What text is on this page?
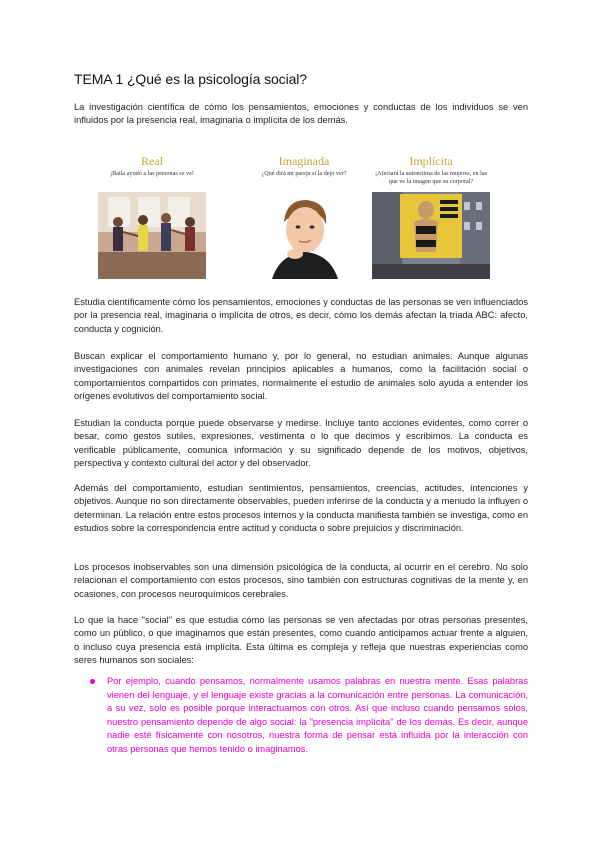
TEMA 1 ¿Qué es la psicología social?

La investigación científica de cómo los pensamientos, emociones y conductas de los individuos se ven influidos por la presencia real, imaginaria o implícita de los demás.

Real
¡Baila ayudó a las personas se ve!
Imaginada
¿Qué dirá mi pareja si la dejo ver?
Implícita
¡Afectará la autoestima de las mujeres, en las que ve la imagen que su corporal?

Estudia científicamente cómo los pensamientos, emociones y conductas de las personas se ven influenciados por la presencia real, imaginaria o implícita de otros, es decir, cómo los demás afectan la triada ABC: afecto, conducta y cognición.

Buscan explicar el comportamiento humano y, por lo general, no estudian animales. Aunque algunas investigaciones con animales revelan principios aplicables a humanos, como la facilitación social o comportamientos compartidos con primates, normalmente el estudio de animales solo ayuda a entender los orígenes evolutivos del comportamiento social.

Estudian la conducta porque puede observarse y medirse. Incluye tanto acciones evidentes, como correr o besar, como gestos sutiles, expresiones, vestimenta o lo que decimos y escribimos. La conducta es verificable públicamente, comunica información y su significado depende de los motivos, objetivos, perspectiva y contexto cultural del actor y del observador.

Además del comportamiento, estudian sentimientos, pensamientos, creencias, actitudes, intenciones y objetivos. Aunque no son directamente observables, pueden inferirse de la conducta y a menudo la influyen o determinan. La relación entre estos procesos internos y la conducta manifiesta también se investiga, como en estudios sobre la correspondencia entre actitud y conducta o sobre prejuicios y discriminación.

Los procesos inobservables son una dimensión psicológica de la conducta, al ocurrir en el cerebro. No solo relacionan el comportamiento con estos procesos, sino también con estructuras cognitivas de la mente y, en ocasiones, con procesos neuroquímicos cerebrales.

Lo que la hace "social" es que estudia cómo las personas se ven afectadas por otras personas presentes, como un público, o que imaginamos que están presentes, como cuando anticipamos actuar frente a alguien, o incluso cuya presencia está implícita. Esta última es compleja y refleja que nuestras experiencias como seres humanos son sociales:

Por ejemplo, cuando pensamos, normalmente usamos palabras en nuestra mente. Esas palabras vienen del lenguaje, y el lenguaje existe gracias a la comunicación entre personas. La comunicación, a su vez, solo es posible porque interactuamos con otros. Así que incluso cuando pensamos solos, nuestro pensamiento depende de algo social: la "presencia implícita" de los demás. Es decir, aunque nadie esté físicamente con nosotros, nuestra forma de pensar está influida por la interacción con otras personas que hemos tenido o imaginamos.
